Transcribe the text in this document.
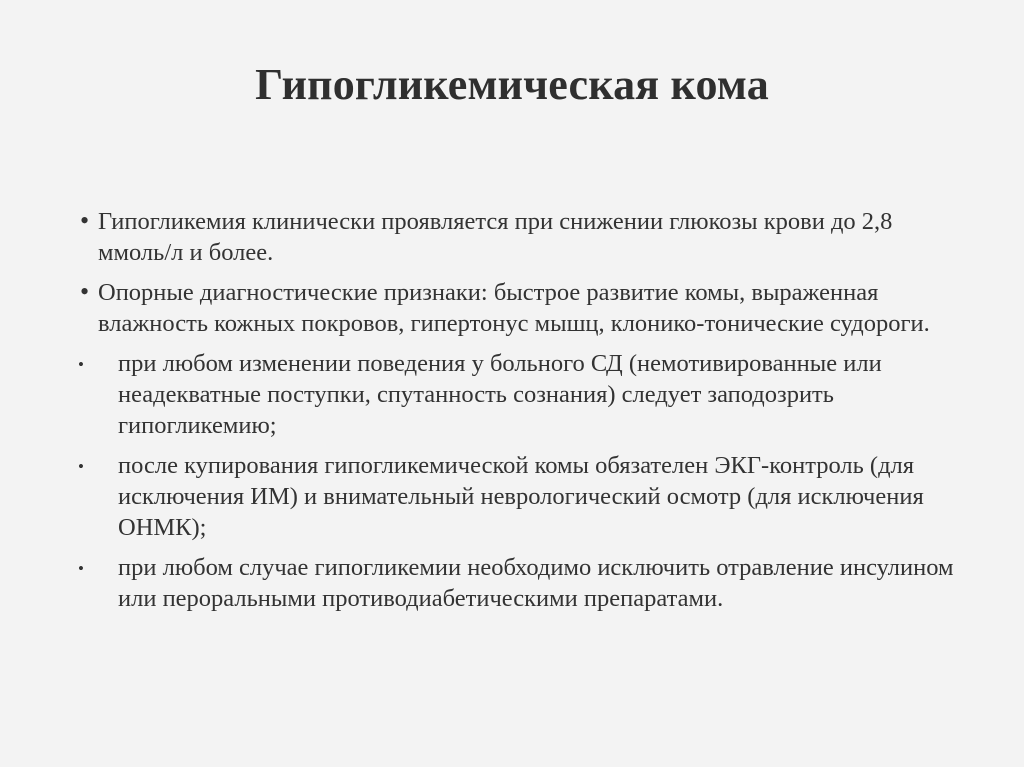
Гипогликемическая кома
• Гипогликемия клинически проявляется при снижении глюкозы крови до 2,8 ммоль/л и более.
• Опорные диагностические признаки: быстрое развитие комы, выраженная влажность кожных покровов, гипертонус мышц, клонико-тонические судороги.
• при любом изменении поведения у больного СД (немотивированные или неадекватные поступки, спутанность сознания) следует заподозрить гипогликемию;
• после купирования гипогликемической комы обязателен ЭКГ-контроль (для исключения ИМ) и внимательный неврологический осмотр (для исключения ОНМК);
• при любом случае гипогликемии необходимо исключить отравление инсулином или пероральными противодиабетическими препаратами.
